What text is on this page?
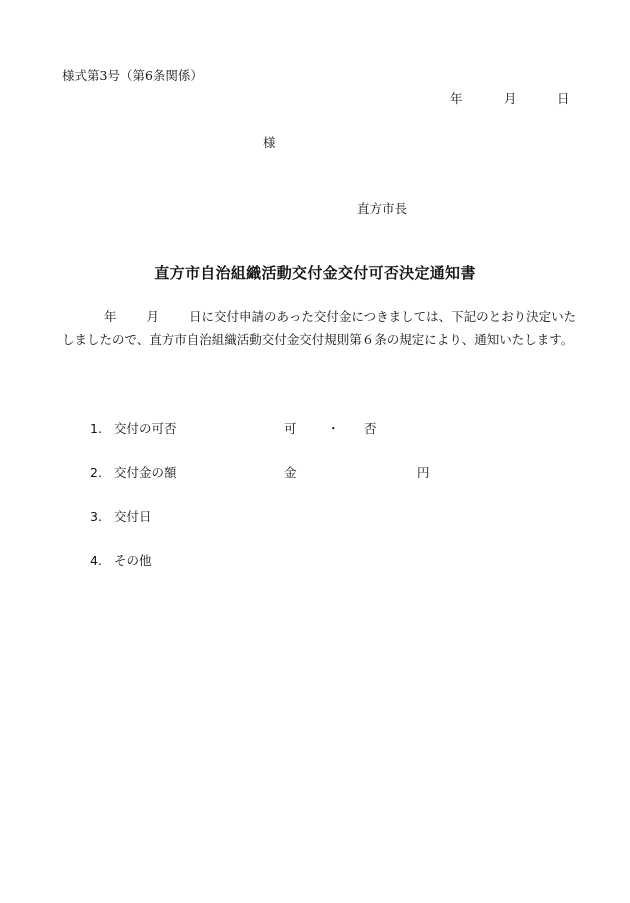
様式第3号（第6条関係）
年	月	日
様
直方市長
直方市自治組織活動交付金交付可否決定通知書
年 月 日に交付申請のあった交付金につきましては、下記のとおり決定いたしましたので、直方市自治組織活動交付金交付規則第６条の規定により、通知いたします。
1. 交付の可否	可 ・ 否
2. 交付金の額	金	円
3. 交付日
4. その他
